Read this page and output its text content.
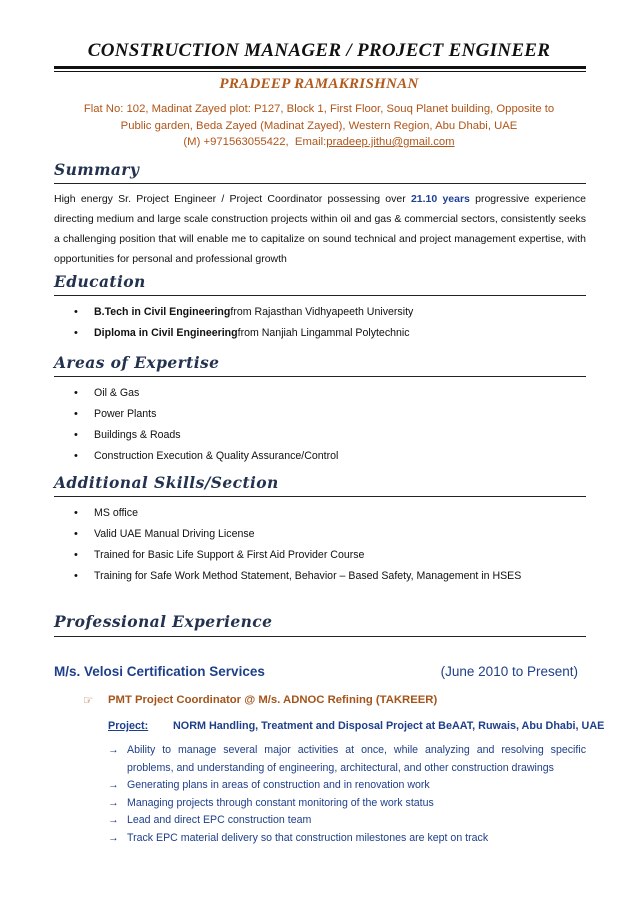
CONSTRUCTION MANAGER / PROJECT ENGINEER
PRADEEP RAMAKRISHNAN
Flat No: 102, Madinat Zayed plot: P127, Block 1, First Floor, Souq Planet building, Opposite to
Public garden, Beda Zayed (Madinat Zayed), Western Region, Abu Dhabi, UAE
(M) +971563055422, Email:pradeep.jithu@gmail.com
Summary
High energy Sr. Project Engineer / Project Coordinator possessing over 21.10 years progressive experience directing medium and large scale construction projects within oil and gas & commercial sectors, consistently seeks a challenging position that will enable me to capitalize on sound technical and project management expertise, with opportunities for personal and professional growth
Education
•	B.Tech in Civil Engineering from Rajasthan Vidhyapeeth University
•	Diploma in Civil Engineering from Nanjiah Lingammal Polytechnic
Areas of Expertise
•	Oil & Gas
•	Power Plants
•	Buildings & Roads
•	Construction Execution & Quality Assurance/Control
Additional Skills/Section
•	MS office
•	Valid UAE Manual Driving License
•	Trained for Basic Life Support & First Aid Provider Course
•	Training for Safe Work Method Statement, Behavior – Based Safety, Management in HSES
Professional Experience
M/s. Velosi Certification Services	(June 2010 to Present)
☞	PMT Project Coordinator @ M/s. ADNOC Refining (TAKREER)
Project:	NORM Handling, Treatment and Disposal Project at BeAAT, Ruwais, Abu Dhabi, UAE
→ Ability to manage several major activities at once, while analyzing and resolving specific problems, and understanding of engineering, architectural, and other construction drawings
→ Generating plans in areas of construction and in renovation work
→ Managing projects through constant monitoring of the work status
→ Lead and direct EPC construction team
→ Track EPC material delivery so that construction milestones are kept on track
